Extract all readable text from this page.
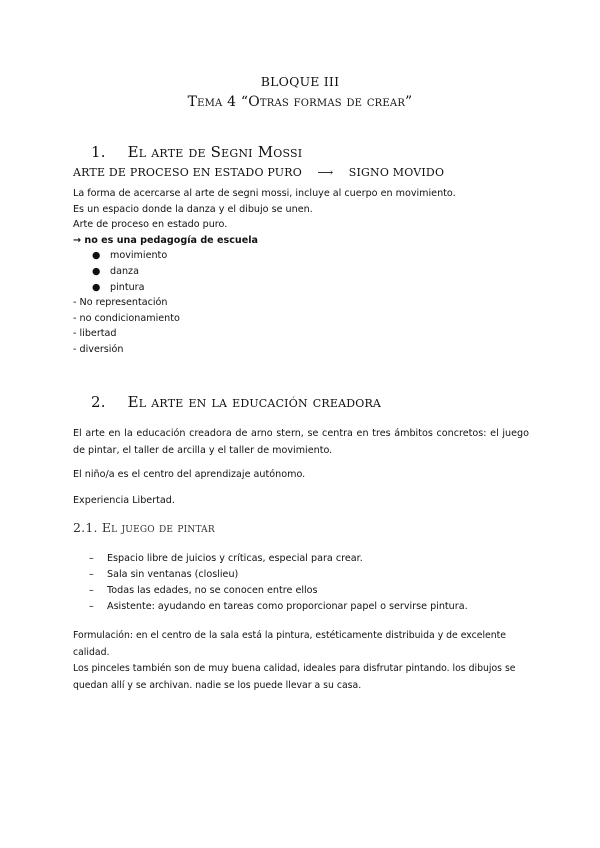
BLOQUE III
Tema 4 “Otras formas de crear”
1. El arte de Segni Mossi
ARTE DE PROCESO EN ESTADO PURO ⟶ SIGNO MOVIDO
La forma de acercarse al arte de segni mossi, incluye al cuerpo en movimiento.
Es un espacio donde la danza y el dibujo se unen.
Arte de proceso en estado puro.
→ no es una pedagogía de escuela
● movimiento
● danza
● pintura
- No representación
- no condicionamiento
- libertad
- diversión
2. El arte en la educación creadora
El arte en la educación creadora de arno stern, se centra en tres ámbitos concretos: el juego de pintar, el taller de arcilla y el taller de movimiento.
El niño/a es el centro del aprendizaje autónomo.
Experiencia Libertad.
2.1. El juego de pintar
– Espacio libre de juicios y críticas, especial para crear.
– Sala sin ventanas (closlieu)
– Todas las edades, no se conocen entre ellos
– Asistente: ayudando en tareas como proporcionar papel o servirse pintura.
Formulación: en el centro de la sala está la pintura, estéticamente distribuida y de excelente calidad.
Los pinceles también son de muy buena calidad, ideales para disfrutar pintando. los dibujos se
quedan allí y se archivan. nadie se los puede llevar a su casa.
